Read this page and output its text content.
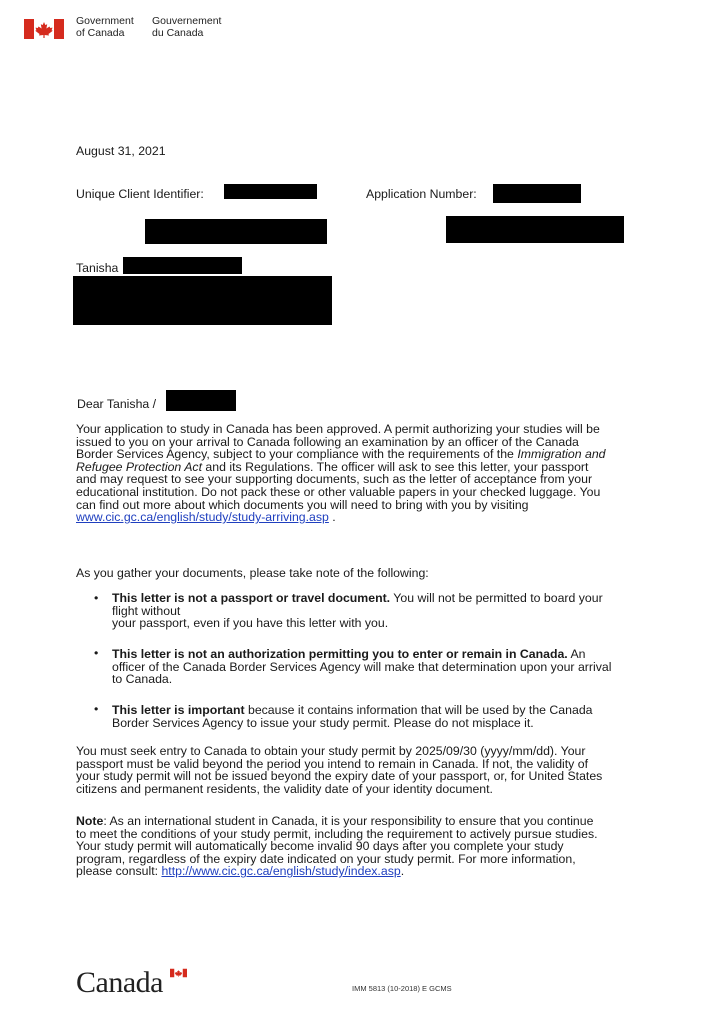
Government
of Canada
Gouvernement
du Canada
August 31, 2021
Unique Client Identifier:	Application Number:
Tanisha
Dear Tanisha /

Your application to study in Canada has been approved. A permit authorizing your studies will be

issued to you on your arrival to Canada following an examination by an officer of the Canada

Border Services Agency, subject to your compliance with the requirements of the Immigration and

Refugee Protection Act and its Regulations. The officer will ask to see this letter, your passport

and may request to see your supporting documents, such as the letter of acceptance from your

educational institution. Do not pack these or other valuable papers in your checked luggage. You

can find out more about which documents you will need to bring with you by visiting

www.cic.gc.ca/english/study/study-arriving.asp .

As you gather your documents, please take note of the following:
• This letter is not a passport or travel document. You will not be permitted to board your

flight without

your passport, even if you have this letter with you.

• This letter is not an authorization permitting you to enter or remain in Canada. An

officer of the Canada Border Services Agency will make that determination upon your arrival

to Canada.

• This letter is important because it contains information that will be used by the Canada

Border Services Agency to issue your study permit. Please do not misplace it.

You must seek entry to Canada to obtain your study permit by 2025/09/30 (yyyy/mm/dd). Your

passport must be valid beyond the period you intend to remain in Canada. If not, the validity of

your study permit will not be issued beyond the expiry date of your passport, or, for United States

citizens and permanent residents, the validity date of your identity document.

Note: As an international student in Canada, it is your responsibility to ensure that you continue

to meet the conditions of your study permit, including the requirement to actively pursue studies.

Your study permit will automatically become invalid 90 days after you complete your study

program, regardless of the expiry date indicated on your study permit. For more information,

please consult: http://www.cic.gc.ca/english/study/index.asp.

Canada	IMM 5813 (10-2018) E GCMS
